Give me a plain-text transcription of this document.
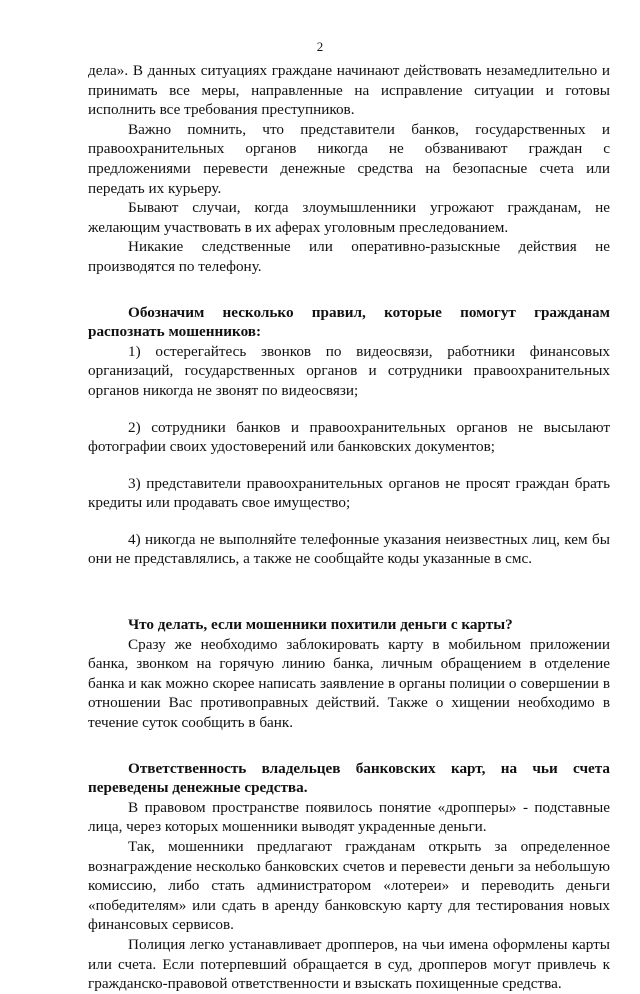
2

дела». В данных ситуациях граждане начинают действовать незамедлительно и принимать все меры, направленные на исправление ситуации и готовы исполнить все требования преступников.

Важно помнить, что представители банков, государственных и правоохранительных органов никогда не обзванивают граждан с предложениями перевести денежные средства на безопасные счета или передать их курьеру.

Бывают случаи, когда злоумышленники угрожают гражданам, не желающим участвовать в их аферах уголовным преследованием.

Никакие следственные или оперативно-разыскные действия не производятся по телефону.

Обозначим несколько правил, которые помогут гражданам распознать мошенников:

1) остерегайтесь звонков по видеосвязи, работники финансовых организаций, государственных органов и сотрудники правоохранительных органов никогда не звонят по видеосвязи;

2) сотрудники банков и правоохранительных органов не высылают фотографии своих удостоверений или банковских документов;

3) представители правоохранительных органов не просят граждан брать кредиты или продавать свое имущество;

4) никогда не выполняйте телефонные указания неизвестных лиц, кем бы они не представлялись, а также не сообщайте коды указанные в смс.

Что делать, если мошенники похитили деньги с карты?

Сразу же необходимо заблокировать карту в мобильном приложении банка, звонком на горячую линию банка, личным обращением в отделение банка и как можно скорее написать заявление в органы полиции о совершении в отношении Вас противоправных действий. Также о хищении необходимо в течение суток сообщить в банк.

Ответственность владельцев банковских карт, на чьи счета переведены денежные средства.

В правовом пространстве появилось понятие «дропперы» - подставные лица, через которых мошенники выводят украденные деньги.

Так, мошенники предлагают гражданам открыть за определенное вознаграждение несколько банковских счетов и перевести деньги за небольшую комиссию, либо стать администратором «лотереи» и переводить деньги «победителям» или сдать в аренду банковскую карту для тестирования новых финансовых сервисов.

Полиция легко устанавливает дропперов, на чьи имена оформлены карты или счета. Если потерпевший обращается в суд, дропперов могут привлечь к гражданско-правовой ответственности и взыскать похищенные средства.
